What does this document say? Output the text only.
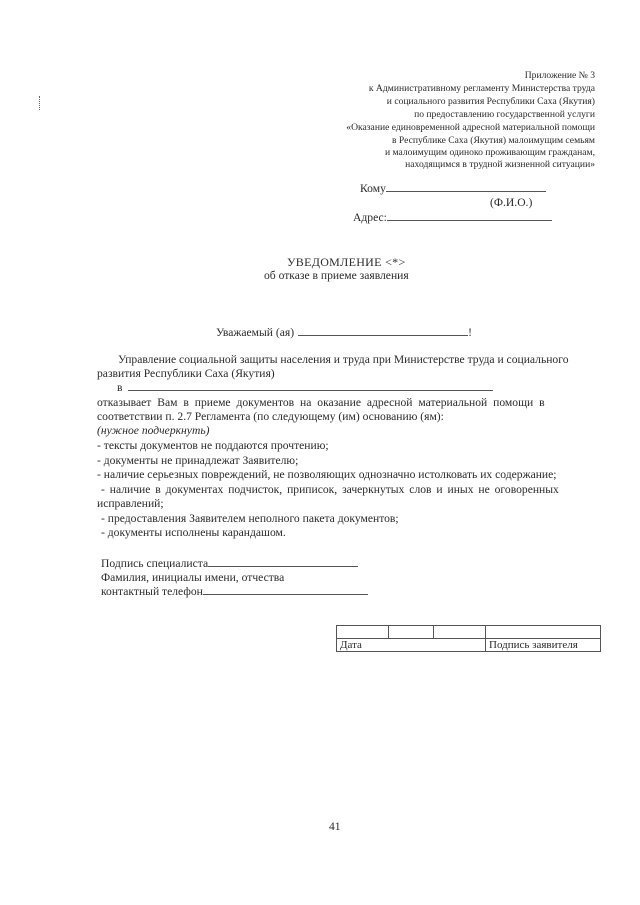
Приложение № 3
к Административному регламенту Министерства труда
и социального развития Республики Саха (Якутия)
по предоставлению государственной услуги
«Оказание единовременной адресной материальной помощи
в Республике Саха (Якутия) малоимущим семьям
и малоимущим одиноко проживающим гражданам,
находящимся в трудной жизненной ситуации»
Кому
(Ф.И.О.)
Адрес:
УВЕДОМЛЕНИЕ <*>
об отказе в приеме заявления
Уважаемый (ая)	!
Управление социальной защиты населения и труда при Министерстве труда и социального
развития Республики Саха (Якутия)
в
отказывает Вам в приеме документов на оказание адресной материальной помощи в
соответствии п. 2.7 Регламента (по следующему (им) основанию (ям):
(нужное подчеркнуть)
- тексты документов не поддаются прочтению;
- документы не принадлежат Заявителю;
- наличие серьезных повреждений, не позволяющих однозначно истолковать их содержание;
- наличие в документах подчисток, приписок, зачеркнутых слов и иных не оговоренных
исправлений;
- предоставления Заявителем неполного пакета документов;
- документы исполнены карандашом.
Подпись специалиста
Фамилия, инициалы имени, отчества
контактный телефон

Дата			Подпись заявителя
41
